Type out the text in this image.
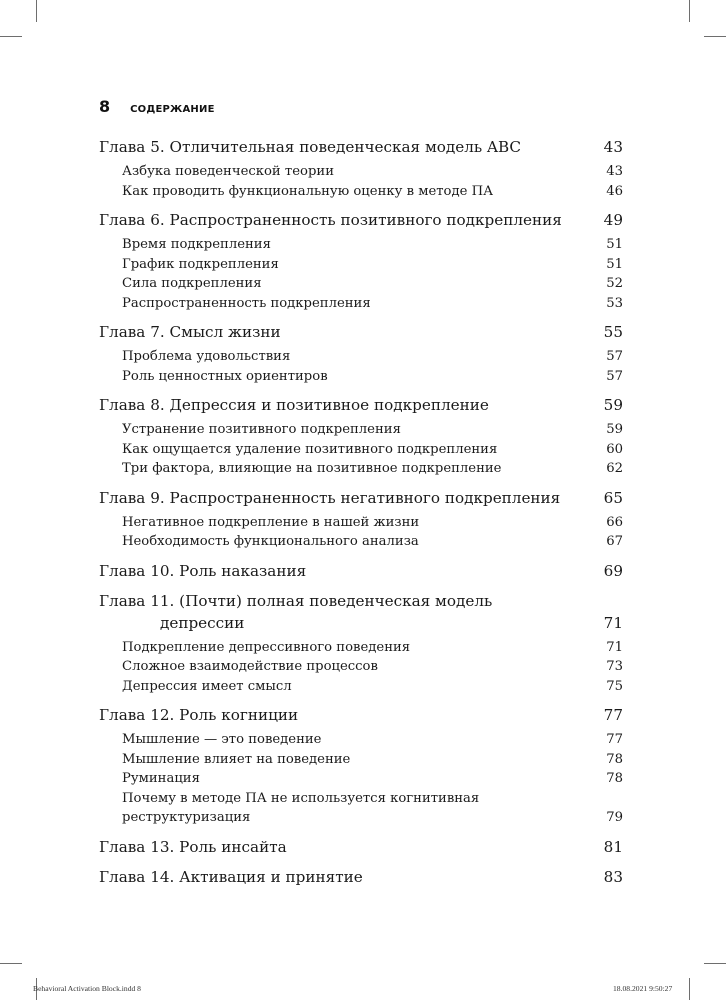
8 СОДЕРЖАНИЕ
Глава 5. Отличительная поведенческая модель ABC	43
Азбука поведенческой теории	43
Как проводить функциональную оценку в методе ПА	46
Глава 6. Распространенность позитивного подкрепления	49
Время подкрепления	51
График подкрепления	51
Сила подкрепления	52
Распространенность подкрепления	53
Глава 7. Смысл жизни	55
Проблема удовольствия	57
Роль ценностных ориентиров	57
Глава 8. Депрессия и позитивное подкрепление	59
Устранение позитивного подкрепления	59
Как ощущается удаление позитивного подкрепления	60
Три фактора, влияющие на позитивное подкрепление	62
Глава 9. Распространенность негативного подкрепления	65
Негативное подкрепление в нашей жизни	66
Необходимость функционального анализа	67
Глава 10. Роль наказания	69
Глава 11. (Почти) полная поведенческая модель
депрессии	71
Подкрепление депрессивного поведения	71
Сложное взаимодействие процессов	73
Депрессия имеет смысл	75
Глава 12. Роль когниции	77
Мышление — это поведение	77
Мышление влияет на поведение	78
Руминация	78
Почему в методе ПА не используется когнитивная
реструктуризация	79
Глава 13. Роль инсайта	81
Глава 14. Активация и принятие	83
Behavioral Activation Block.indd 8	18.08.2021 9:50:27
